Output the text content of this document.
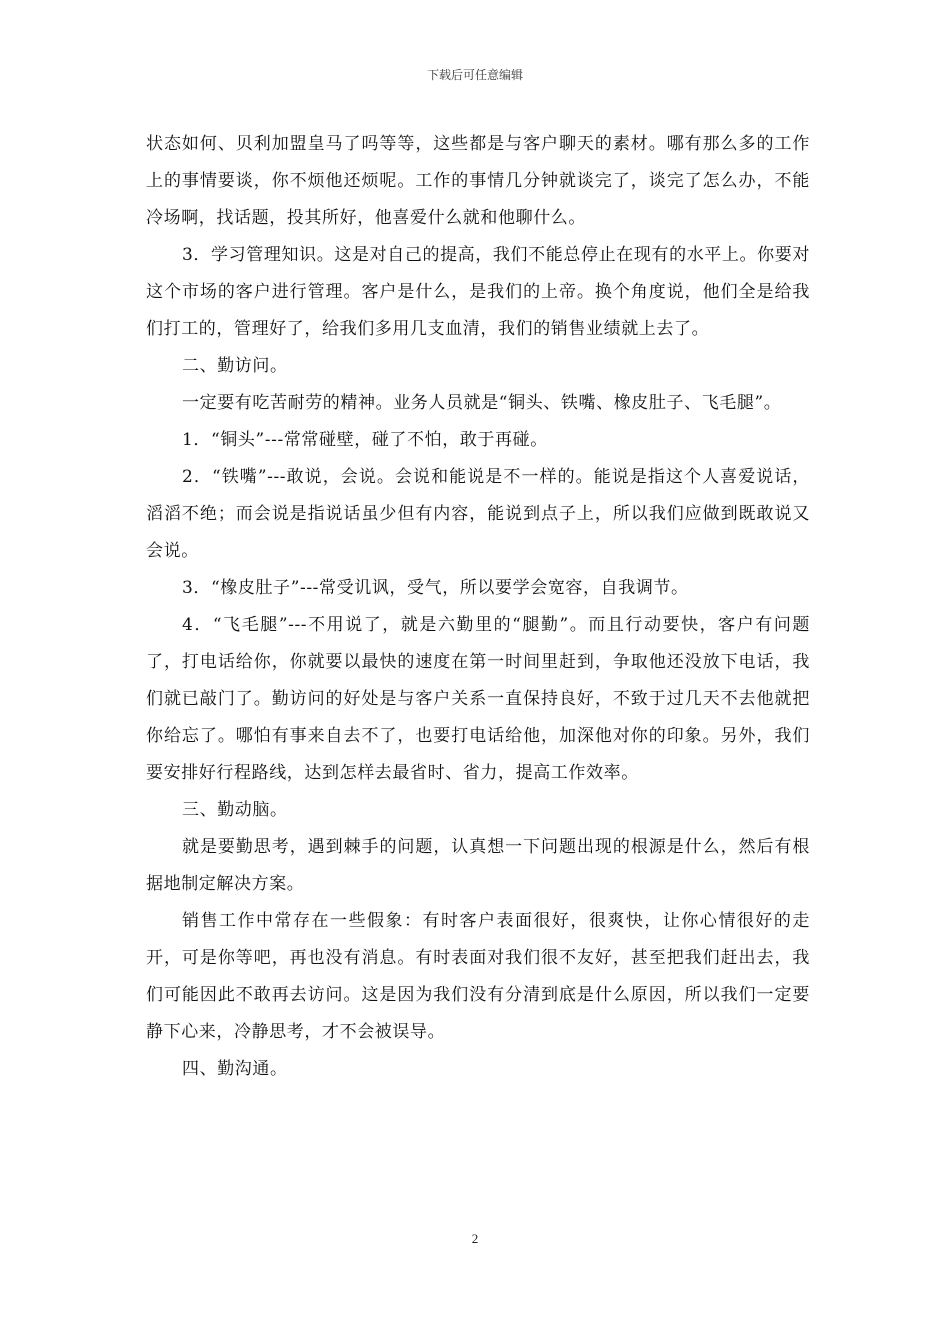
下载后可任意编辑

状态如何、贝利加盟皇马了吗等等，这些都是与客户聊天的素材。哪有那么多的工作上的事情要谈，你不烦他还烦呢。工作的事情几分钟就谈完了，谈完了怎么办，不能冷场啊，找话题，投其所好，他喜爱什么就和他聊什么。

3．学习管理知识。这是对自己的提高，我们不能总停止在现有的水平上。你要对这个市场的客户进行管理。客户是什么，是我们的上帝。换个角度说，他们全是给我们打工的，管理好了，给我们多用几支血清，我们的销售业绩就上去了。

二、勤访问。

一定要有吃苦耐劳的精神。业务人员就是“铜头、铁嘴、橡皮肚子、飞毛腿”。

1．“铜头”---常常碰壁，碰了不怕，敢于再碰。

2．“铁嘴”---敢说，会说。会说和能说是不一样的。能说是指这个人喜爱说话，滔滔不绝；而会说是指说话虽少但有内容，能说到点子上，所以我们应做到既敢说又会说。

3．“橡皮肚子”---常受讥讽，受气，所以要学会宽容，自我调节。

4．“飞毛腿”---不用说了，就是六勤里的“腿勤”。而且行动要快，客户有问题了，打电话给你，你就要以最快的速度在第一时间里赶到，争取他还没放下电话，我们就已敲门了。勤访问的好处是与客户关系一直保持良好，不致于过几天不去他就把你给忘了。哪怕有事来自去不了，也要打电话给他，加深他对你的印象。另外，我们要安排好行程路线，达到怎样去最省时、省力，提高工作效率。

三、勤动脑。

就是要勤思考，遇到棘手的问题，认真想一下问题出现的根源是什么，然后有根据地制定解决方案。

销售工作中常存在一些假象：有时客户表面很好，很爽快，让你心情很好的走开，可是你等吧，再也没有消息。有时表面对我们很不友好，甚至把我们赶出去，我们可能因此不敢再去访问。这是因为我们没有分清到底是什么原因，所以我们一定要静下心来，冷静思考，才不会被误导。

四、勤沟通。

2
